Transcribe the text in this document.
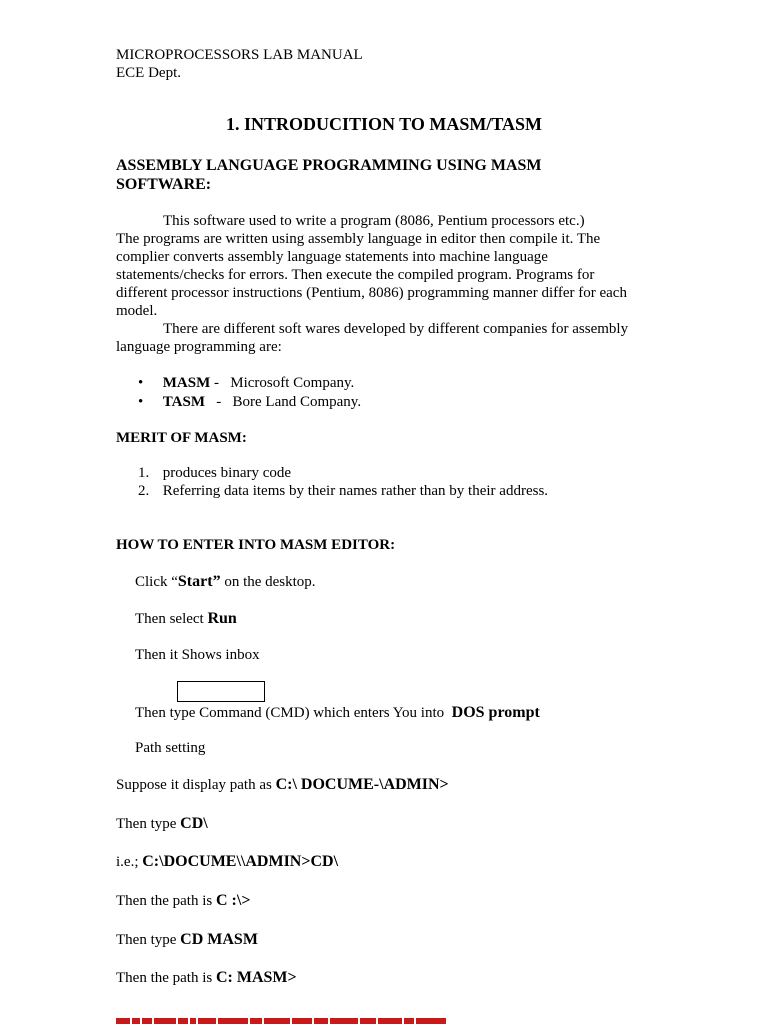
MICROPROCESSORS LAB MANUAL
ECE Dept.
1. INTRODUCITION TO MASM/TASM
ASSEMBLY LANGUAGE PROGRAMMING USING MASM
SOFTWARE:
This software used to write a program (8086, Pentium processors etc.)
The programs are written using assembly language in editor then compile it. The
complier converts assembly language statements into machine language
statements/checks for errors. Then execute the compiled program. Programs for
different processor instructions (Pentium, 8086) programming manner differ for each
model.
There are different soft wares developed by different companies for assembly
language programming are:
• MASM -   Microsoft Company.
• TASM   -   Bore Land Company.
MERIT OF MASM:
1. produces binary code
2. Referring data items by their names rather than by their address.
HOW TO ENTER INTO MASM EDITOR:
Click “Start” on the desktop.
Then select Run
Then it Shows inbox
Then type Command (CMD) which enters You into  DOS prompt
Path setting
Suppose it display path as C:\ DOCUME-\ADMIN>
Then type CD\
i.e.; C:\DOCUME\\ADMIN>CD\
Then the path is C :\>
Then type CD MASM
Then the path is C: MASM>
